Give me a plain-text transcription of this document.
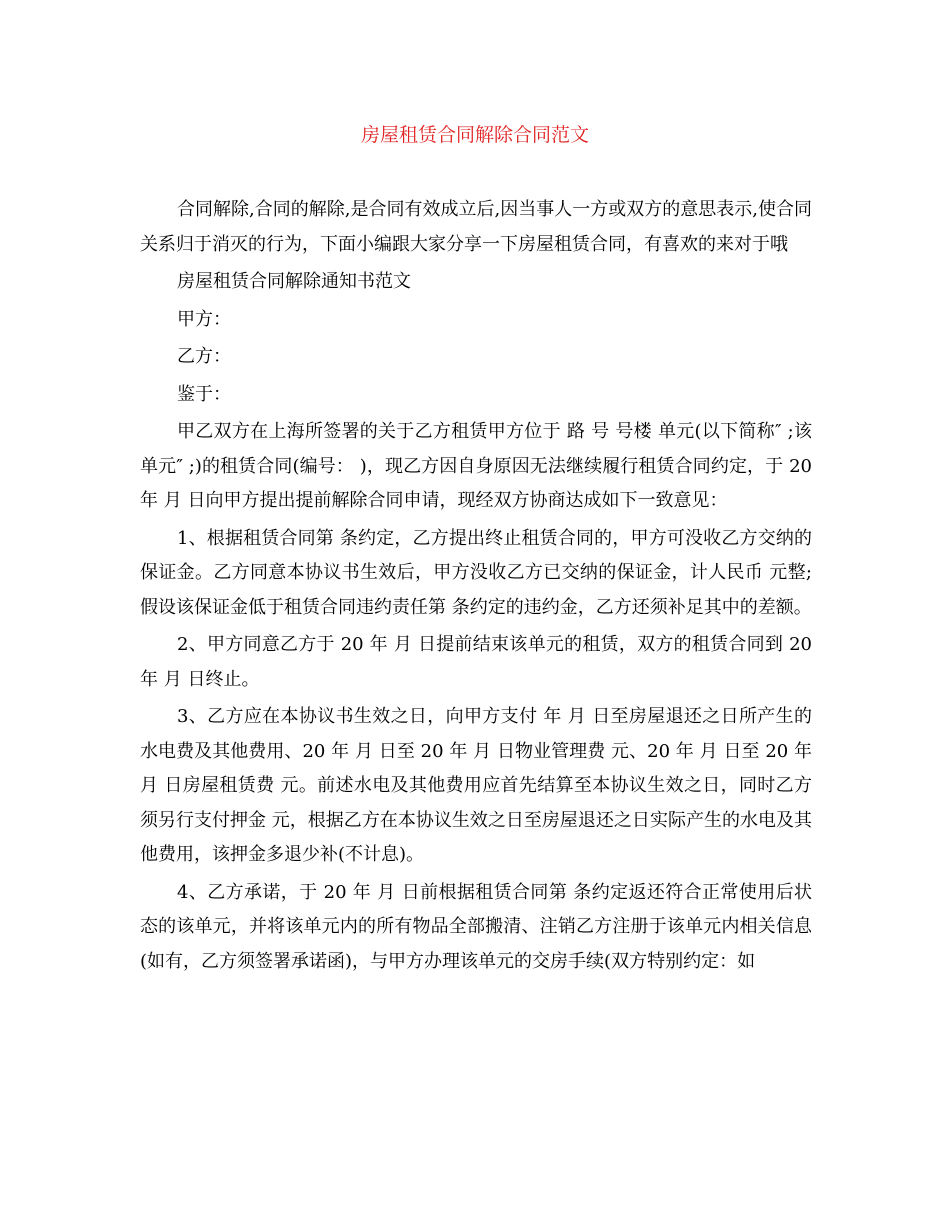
房屋租赁合同解除合同范文

合同解除,合同的解除,是合同有效成立后,因当事人一方或双方的意思表示,使合同关系归于消灭的行为，下面小编跟大家分享一下房屋租赁合同，有喜欢的来对于哦

房屋租赁合同解除通知书范文

甲方：

乙方：

鉴于：

甲乙双方在上海所签署的关于乙方租赁甲方位于 路 号 号楼 单元(以下简称″ ;该单元″ ;)的租赁合同(编号： )，现乙方因自身原因无法继续履行租赁合同约定，于 20 年 月 日向甲方提出提前解除合同申请，现经双方协商达成如下一致意见：

1、根据租赁合同第 条约定，乙方提出终止租赁合同的，甲方可没收乙方交纳的保证金。乙方同意本协议书生效后，甲方没收乙方已交纳的保证金，计人民币 元整;假设该保证金低于租赁合同违约责任第 条约定的违约金，乙方还须补足其中的差额。

2、甲方同意乙方于 20 年 月 日提前结束该单元的租赁，双方的租赁合同到 20 年 月 日终止。

3、乙方应在本协议书生效之日，向甲方支付 年 月 日至房屋退还之日所产生的水电费及其他费用、20 年 月 日至 20 年 月 日物业管理费 元、20 年 月 日至 20 年 月 日房屋租赁费 元。前述水电及其他费用应首先结算至本协议生效之日，同时乙方须另行支付押金 元，根据乙方在本协议生效之日至房屋退还之日实际产生的水电及其他费用，该押金多退少补(不计息)。

4、乙方承诺，于 20 年 月 日前根据租赁合同第 条约定返还符合正常使用后状态的该单元，并将该单元内的所有物品全部搬清、注销乙方注册于该单元内相关信息(如有，乙方须签署承诺函)，与甲方办理该单元的交房手续(双方特别约定：如
